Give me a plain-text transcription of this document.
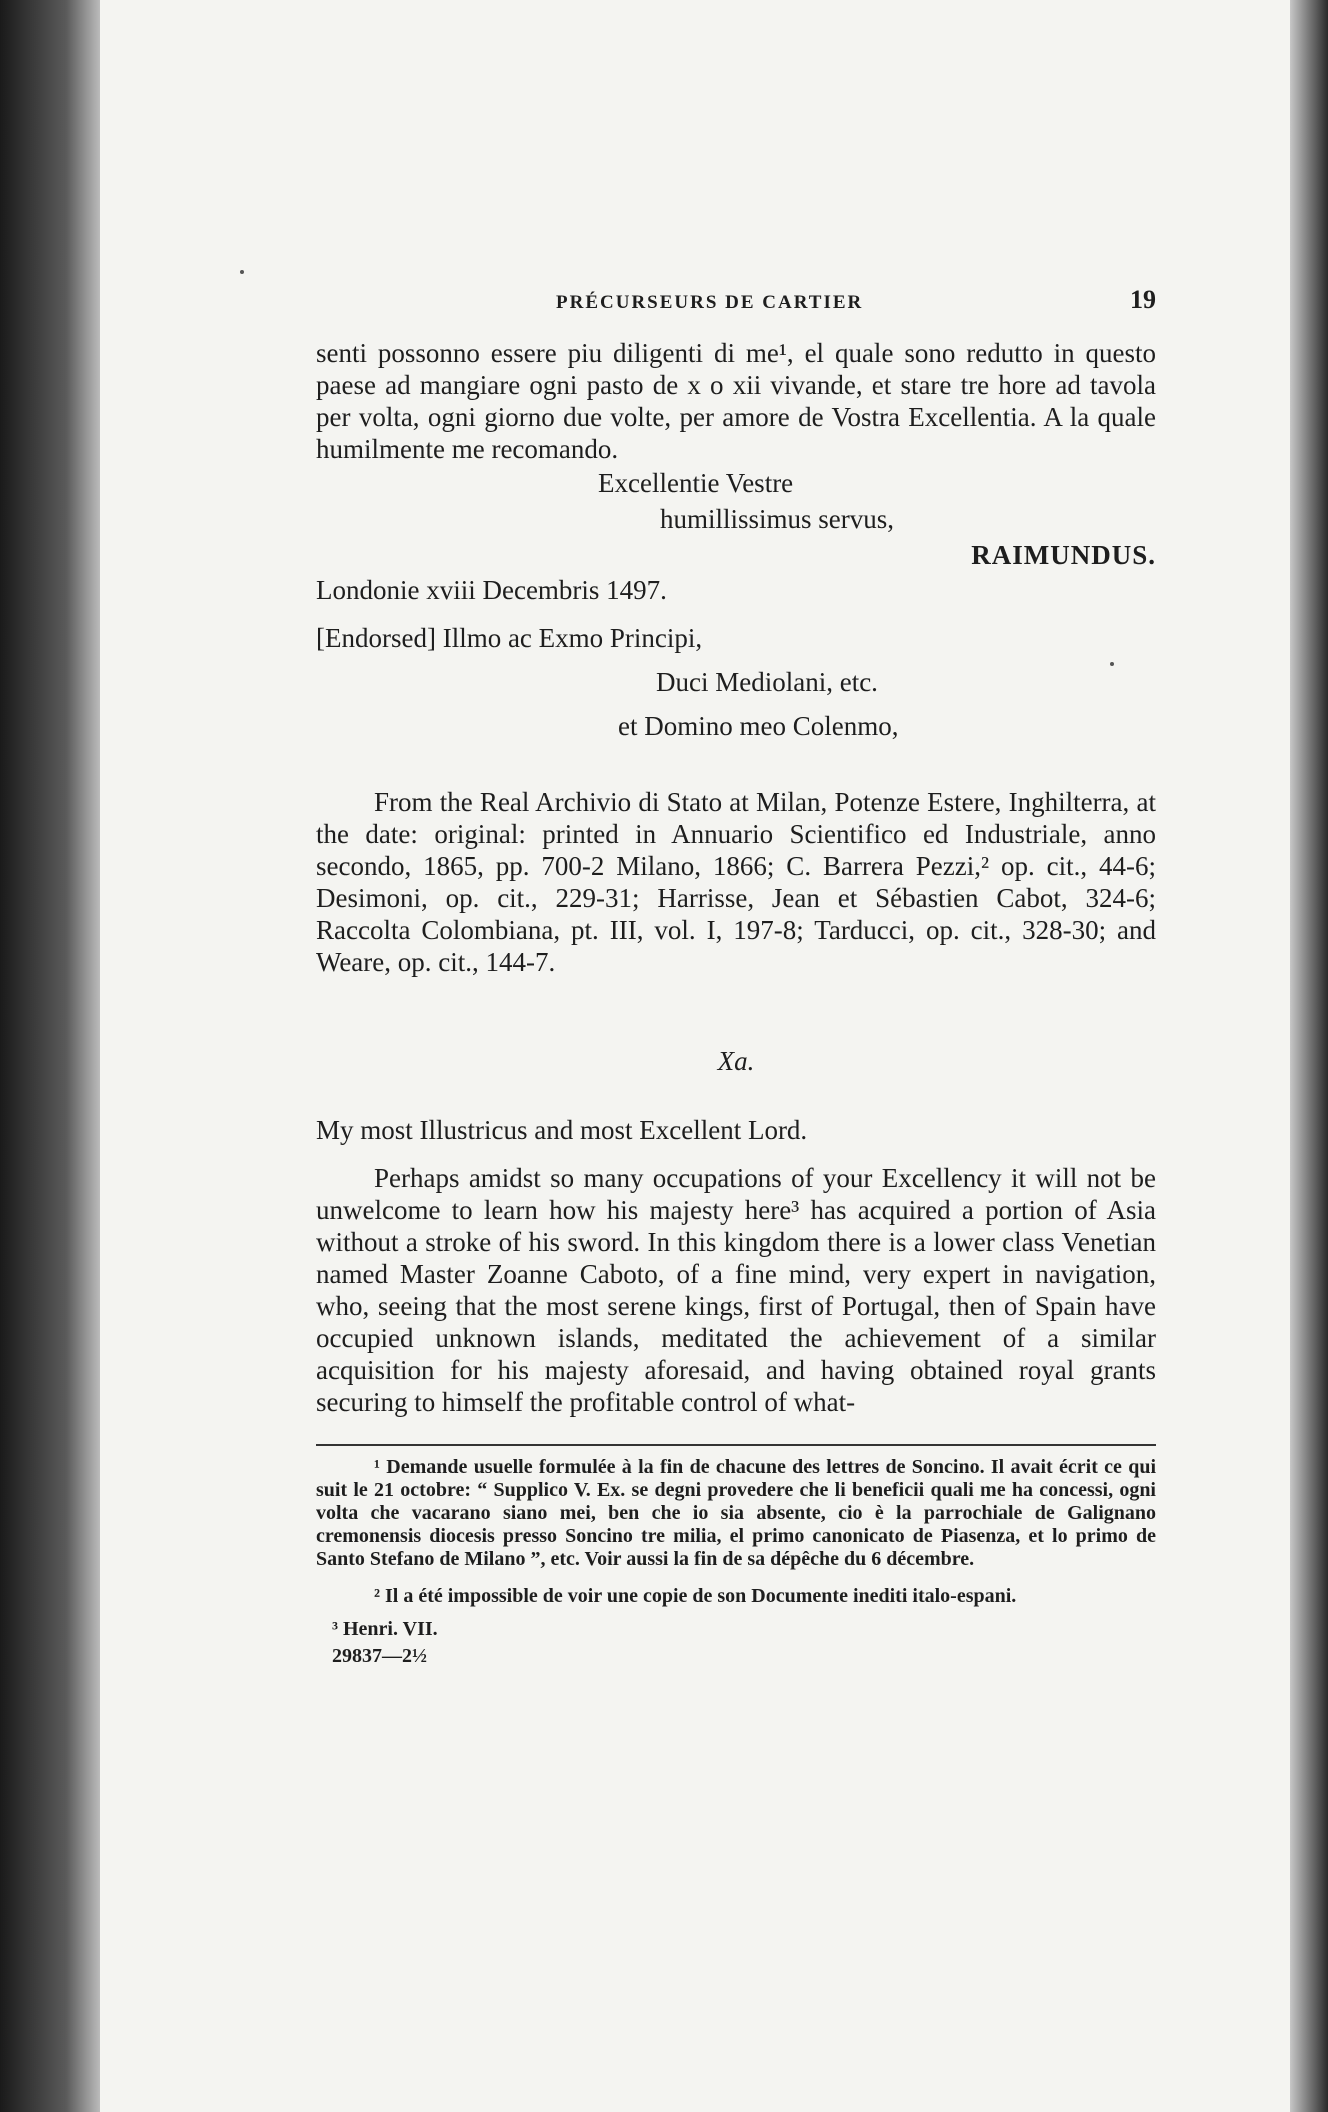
PRÉCURSEURS DE CARTIER	19

senti possonno essere piu diligenti di me¹, el quale sono redutto in questo paese ad mangiare ogni pasto de x o xii vivande, et stare tre hore ad tavola per volta, ogni giorno due volte, per amore de Vostra Excellentia. A la quale humilmente me recomando.

Excellentie Vestre
humillissimus servus,
RAIMUNDUS.
Londonie xviii Decembris 1497.
[Endorsed] Illmo ac Exmo Principi,
Duci Mediolani, etc.
et Domino meo Colenmo,

From the Real Archivio di Stato at Milan, Potenze Estere, Inghilterra, at the date: original: printed in Annuario Scientifico ed Industriale, anno secondo, 1865, pp. 700-2 Milano, 1866; C. Barrera Pezzi,² op. cit., 44-6; Desimoni, op. cit., 229-31; Harrisse, Jean et Sébastien Cabot, 324-6; Raccolta Colombiana, pt. III, vol. I, 197-8; Tarducci, op. cit., 328-30; and Weare, op. cit., 144-7.

Xa.
My most Illustricus and most Excellent Lord.

Perhaps amidst so many occupations of your Excellency it will not be unwelcome to learn how his majesty here³ has acquired a portion of Asia without a stroke of his sword. In this kingdom there is a lower class Venetian named Master Zoanne Caboto, of a fine mind, very expert in navigation, who, seeing that the most serene kings, first of Portugal, then of Spain have occupied unknown islands, meditated the achievement of a similar acquisition for his majesty aforesaid, and having obtained royal grants securing to himself the profitable control of what-

¹ Demande usuelle formulée à la fin de chacune des lettres de Soncino. Il avait écrit ce qui suit le 21 octobre: “ Supplico V. Ex. se degni provedere che li beneficii quali me ha concessi, ogni volta che vacarano siano mei, ben che io sia absente, cio è la parrochiale de Galignano cremonensis diocesis presso Soncino tre milia, el primo canonicato de Piasenza, et lo primo de Santo Stefano de Milano ”, etc. Voir aussi la fin de sa dépêche du 6 décembre.

² Il a été impossible de voir une copie de son Documente inediti italo-espani.

³ Henri. VII.

29837—2½
